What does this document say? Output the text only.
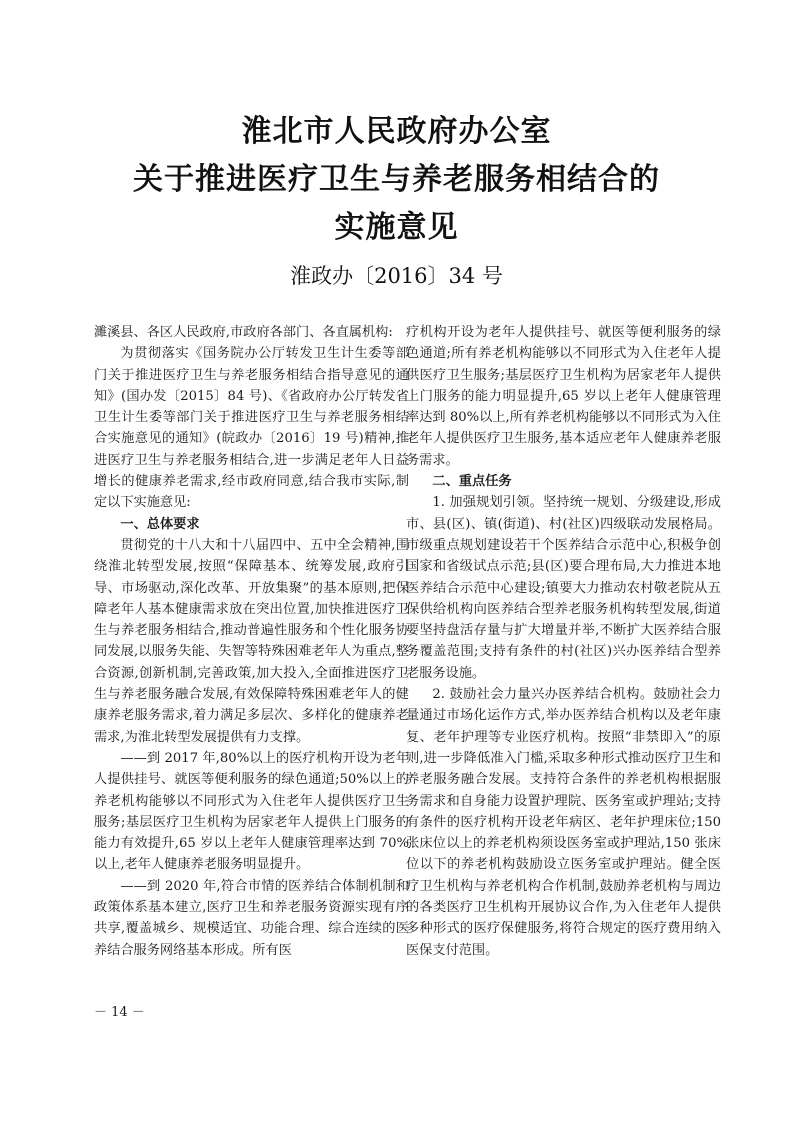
淮北市人民政府办公室
关于推进医疗卫生与养老服务相结合的
实施意见
淮政办〔2016〕34 号

濉溪县、各区人民政府,市政府各部门、各直属机构:

为贯彻落实《国务院办公厅转发卫生计生委等部门关于推进医疗卫生与养老服务相结合指导意见的通知》(国办发〔2015〕84 号)、《省政府办公厅转发省卫生计生委等部门关于推进医疗卫生与养老服务相结合实施意见的通知》(皖政办〔2016〕19 号)精神,推进医疗卫生与养老服务相结合,进一步满足老年人日益增长的健康养老需求,经市政府同意,结合我市实际,制定以下实施意见:

一、总体要求

贯彻党的十八大和十八届四中、五中全会精神,围绕淮北转型发展,按照“保障基本、统筹发展,政府引导、市场驱动,深化改革、开放集聚”的基本原则,把保障老年人基本健康需求放在突出位置,加快推进医疗卫生与养老服务相结合,推动普遍性服务和个性化服务协同发展,以服务失能、失智等特殊困难老年人为重点,整合资源,创新机制,完善政策,加大投入,全面推进医疗卫生与养老服务融合发展,有效保障特殊困难老年人的健康养老服务需求,着力满足多层次、多样化的健康养老需求,为淮北转型发展提供有力支撑。

——到 2017 年,80%以上的医疗机构开设为老年人提供挂号、就医等便利服务的绿色通道;50%以上的养老机构能够以不同形式为入住老年人提供医疗卫生服务;基层医疗卫生机构为居家老年人提供上门服务的能力有效提升,65 岁以上老年人健康管理率达到 70%以上,老年人健康养老服务明显提升。

——到 2020 年,符合市情的医养结合体制机制和政策体系基本建立,医疗卫生和养老服务资源实现有序共享,覆盖城乡、规模适宜、功能合理、综合连续的医养结合服务网络基本形成。所有医

疗机构开设为老年人提供挂号、就医等便利服务的绿色通道;所有养老机构能够以不同形式为入住老年人提供医疗卫生服务;基层医疗卫生机构为居家老年人提供上门服务的能力明显提升,65 岁以上老年人健康管理率达到 80%以上,所有养老机构能够以不同形式为入住老年人提供医疗卫生服务,基本适应老年人健康养老服务需求。

二、重点任务

1. 加强规划引领。坚持统一规划、分级建设,形成市、县(区)、镇(街道)、村(社区)四级联动发展格局。市级重点规划建设若干个医养结合示范中心,积极争创国家和省级试点示范;县(区)要合理布局,大力推进本地医养结合示范中心建设;镇要大力推动农村敬老院从五保供给机构向医养结合型养老服务机构转型发展,街道要坚持盘活存量与扩大增量并举,不断扩大医养结合服务覆盖范围;支持有条件的村(社区)兴办医养结合型养老服务设施。

2. 鼓励社会力量兴办医养结合机构。鼓励社会力量通过市场化运作方式,举办医养结合机构以及老年康复、老年护理等专业医疗机构。按照“非禁即入”的原则,进一步降低准入门槛,采取多种形式推动医疗卫生和养老服务融合发展。支持符合条件的养老机构根据服务需求和自身能力设置护理院、医务室或护理站;支持有条件的医疗机构开设老年病区、老年护理床位;150 张床位以上的养老机构须设医务室或护理站,150 张床位以下的养老机构鼓励设立医务室或护理站。健全医疗卫生机构与养老机构合作机制,鼓励养老机构与周边的各类医疗卫生机构开展协议合作,为入住老年人提供多种形式的医疗保健服务,将符合规定的医疗费用纳入医保支付范围。

－ 14 －
